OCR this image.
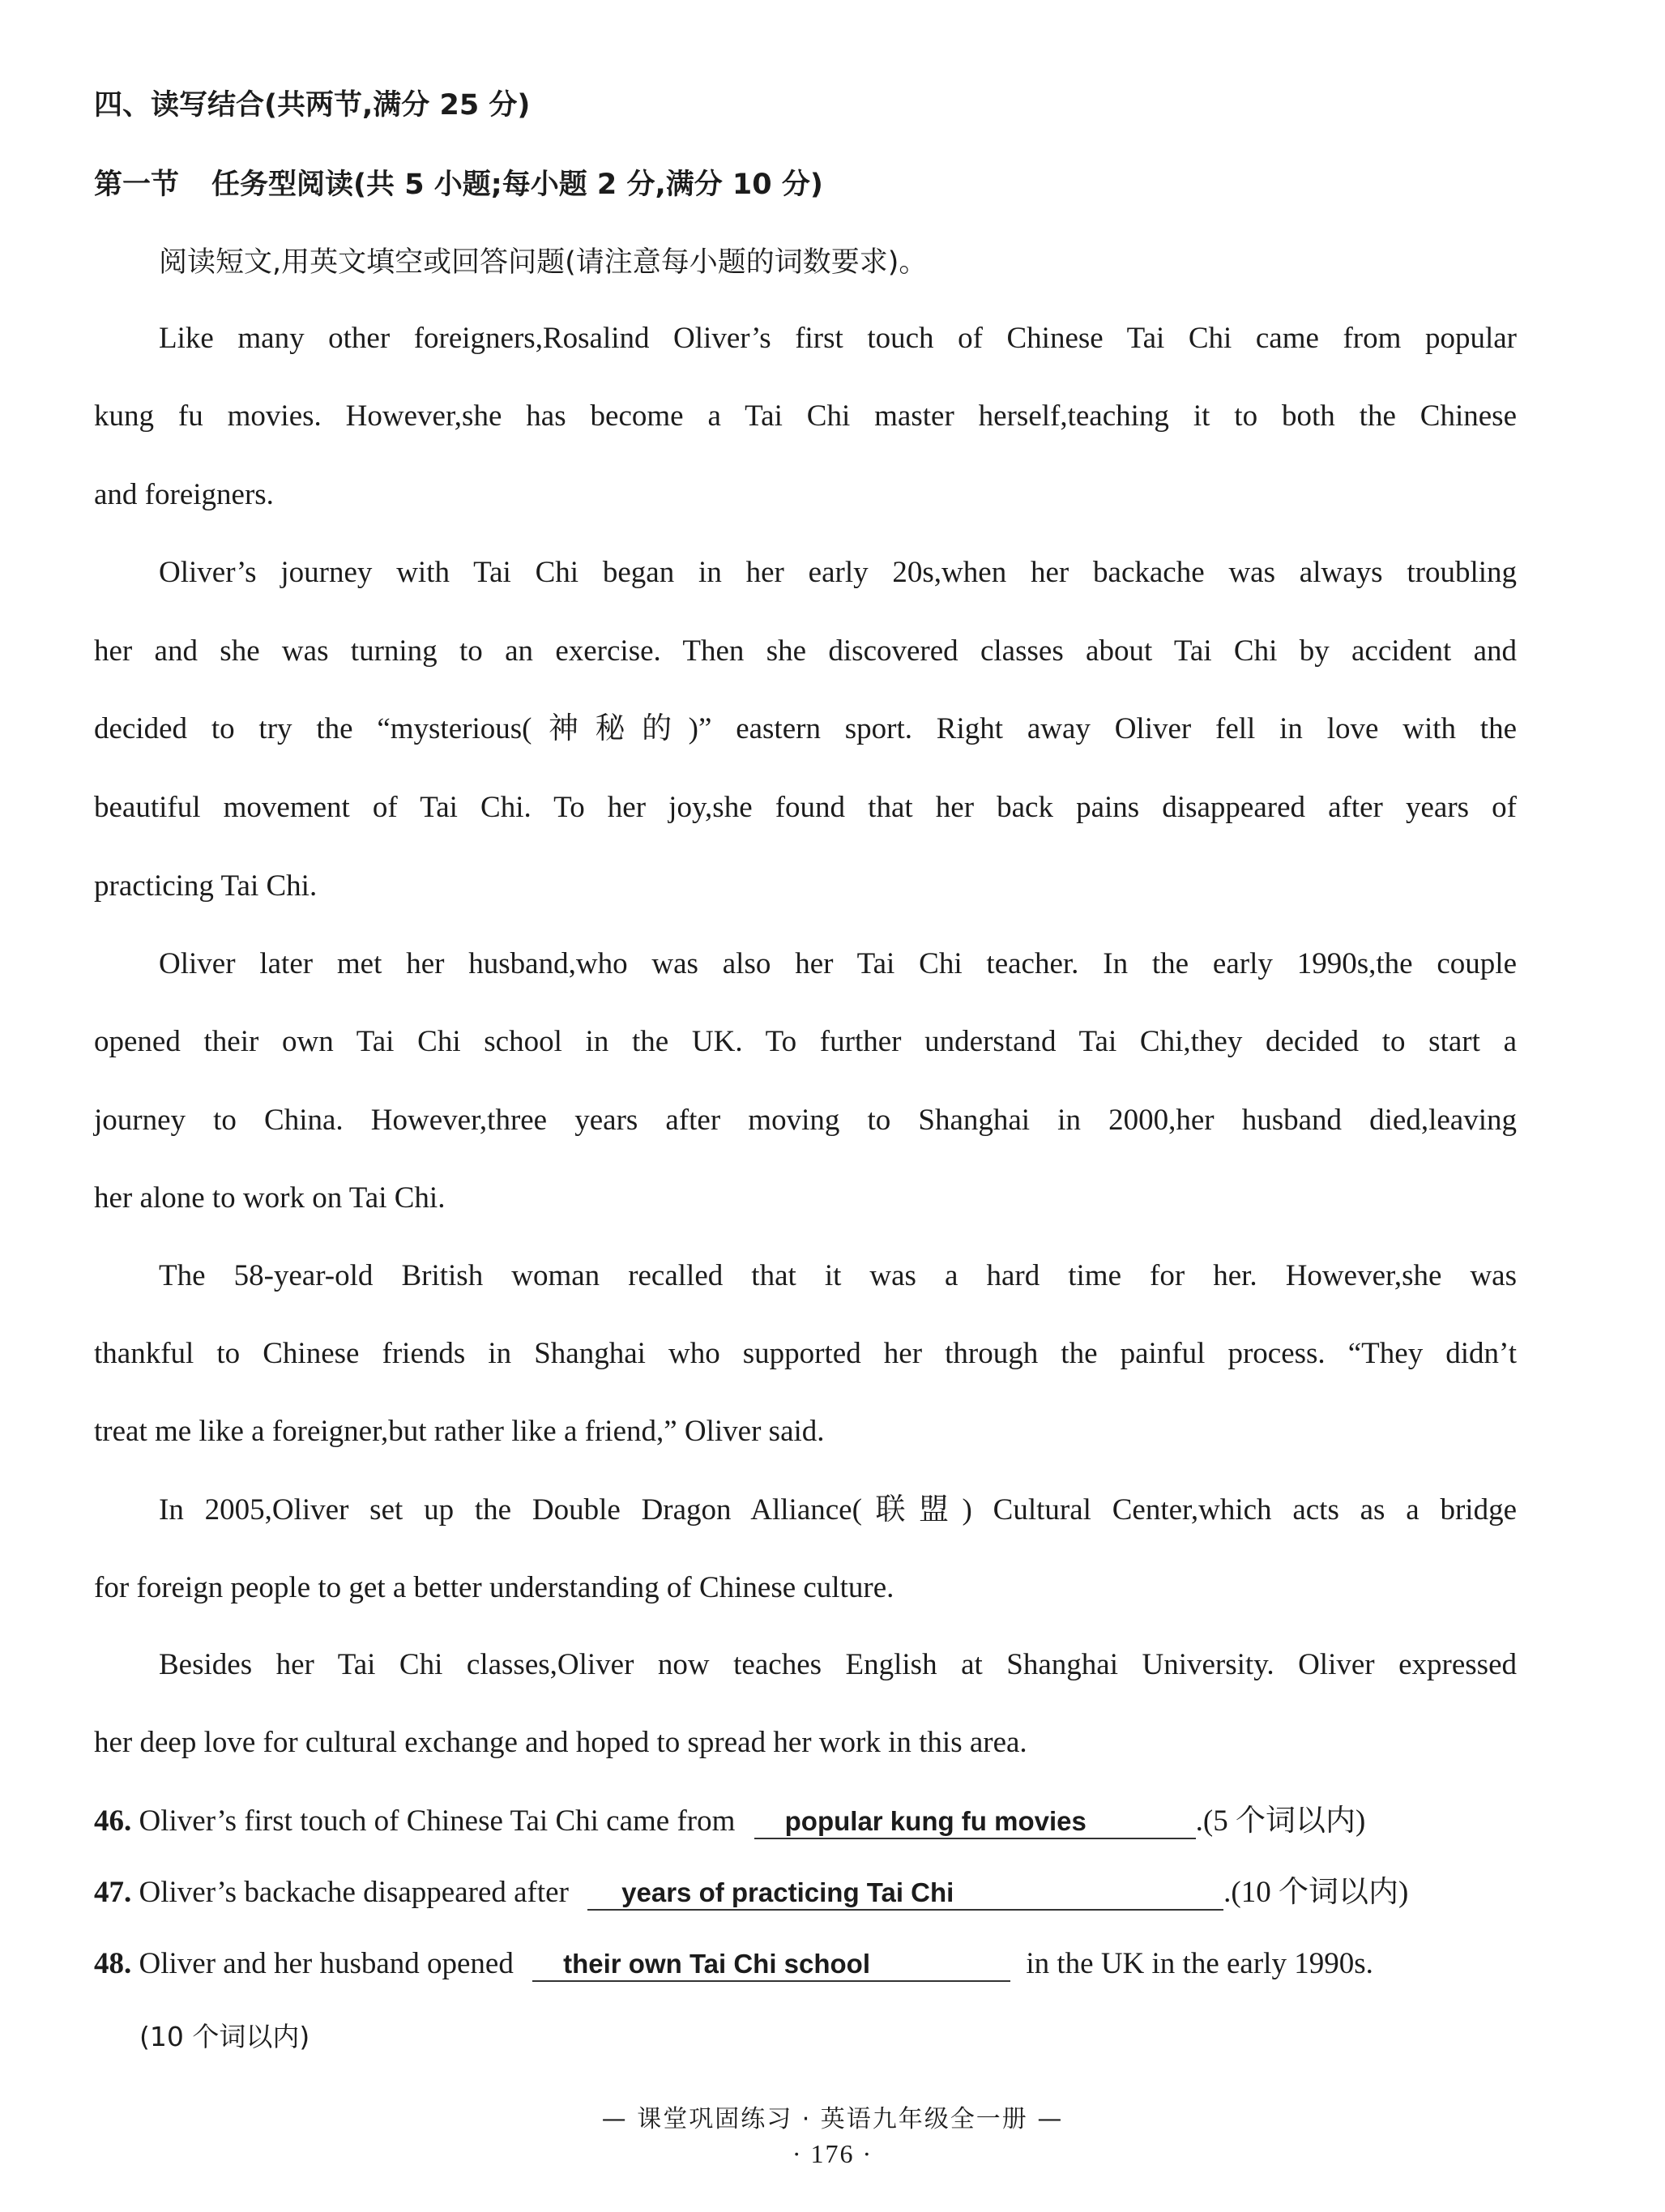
四、读写结合(共两节,满分 25 分)
第一节 任务型阅读(共 5 小题;每小题 2 分,满分 10 分)
阅读短文,用英文填空或回答问题(请注意每小题的词数要求)。
Like many other foreigners,Rosalind Oliver’s first touch of Chinese Tai Chi came from popular
kung fu movies. However,she has become a Tai Chi master herself,teaching it to both the Chinese
and foreigners.
Oliver’s journey with Tai Chi began in her early 20s,when her backache was always troubling
her and she was turning to an exercise. Then she discovered classes about Tai Chi by accident and
decided to try the “mysterious(神秘的)” eastern sport. Right away Oliver fell in love with the
beautiful movement of Tai Chi. To her joy,she found that her back pains disappeared after years of
practicing Tai Chi.
Oliver later met her husband,who was also her Tai Chi teacher. In the early 1990s,the couple
opened their own Tai Chi school in the UK. To further understand Tai Chi,they decided to start a
journey to China. However,three years after moving to Shanghai in 2000,her husband died,leaving
her alone to work on Tai Chi.
The 58-year-old British woman recalled that it was a hard time for her. However,she was
thankful to Chinese friends in Shanghai who supported her through the painful process. “They didn’t
treat me like a foreigner,but rather like a friend,” Oliver said.
In 2005,Oliver set up the Double Dragon Alliance(联盟) Cultural Center,which acts as a bridge
for foreign people to get a better understanding of Chinese culture.
Besides her Tai Chi classes,Oliver now teaches English at Shanghai University. Oliver expressed
her deep love for cultural exchange and hoped to spread her work in this area.
46. Oliver’s first touch of Chinese Tai Chi came from popular kung fu movies	.(5 个词以内)
47. Oliver’s backache disappeared after years of practicing Tai Chi	.(10 个词以内)
48. Oliver and her husband opened their own Tai Chi school	in the UK in the early 1990s.
(10 个词以内)
— 课堂巩固练习 · 英语九年级全一册 —
· 176 ·
